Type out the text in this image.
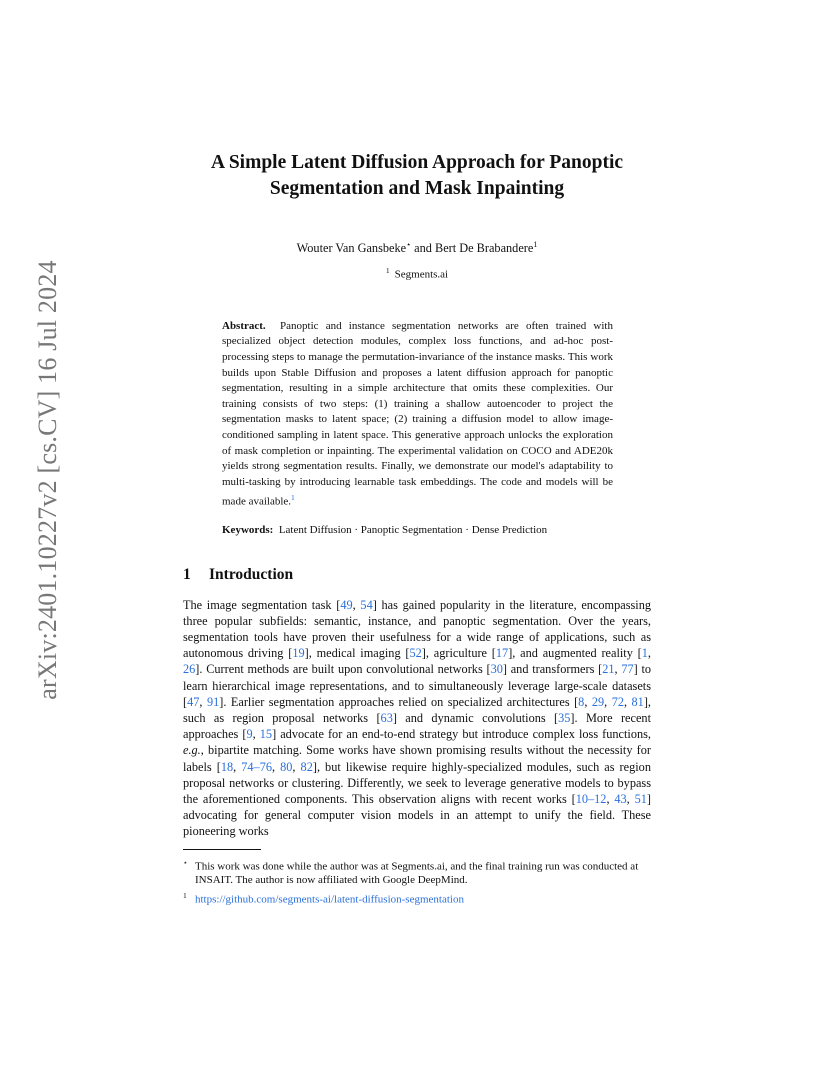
arXiv:2401.10227v2 [cs.CV] 16 Jul 2024
A Simple Latent Diffusion Approach for Panoptic
Segmentation and Mask Inpainting
Wouter Van Gansbeke⋆ and Bert De Brabandere$^1$
$^1$ Segments.ai
Abstract. Panoptic and instance segmentation networks are often trained with specialized object detection modules, complex loss functions, and ad-hoc post-processing steps to manage the permutation-invariance of the instance masks. This work builds upon Stable Diffusion and proposes a latent diffusion approach for panoptic segmentation, resulting in a simple architecture that omits these complexities. Our training consists of two steps: (1) training a shallow autoencoder to project the segmentation masks to latent space; (2) training a diffusion model to allow image-conditioned sampling in latent space. This generative approach unlocks the exploration of mask completion or inpainting. The experimental validation on COCO and ADE20k yields strong segmentation results. Finally, we demonstrate our model's adaptability to multi-tasking by introducing learnable task embeddings. The code and models will be made available.$^1$
Keywords: Latent Diffusion · Panoptic Segmentation · Dense Prediction
1 Introduction
The image segmentation task [49, 54] has gained popularity in the literature, encompassing three popular subfields: semantic, instance, and panoptic segmentation. Over the years, segmentation tools have proven their usefulness for a wide range of applications, such as autonomous driving [19], medical imaging [52], agriculture [17], and augmented reality [1, 26]. Current methods are built upon convolutional networks [30] and transformers [21, 77] to learn hierarchical image representations, and to simultaneously leverage large-scale datasets [47, 91]. Earlier segmentation approaches relied on specialized architectures [8, 29, 72, 81], such as region proposal networks [63] and dynamic convolutions [35]. More recent approaches [9, 15] advocate for an end-to-end strategy but introduce complex loss functions, e.g., bipartite matching. Some works have shown promising results without the necessity for labels [18, 74–76, 80, 82], but likewise require highly-specialized modules, such as region proposal networks or clustering. Differently, we seek to leverage generative models to bypass the aforementioned components. This observation aligns with recent works [10–12, 43, 51] advocating for general computer vision models in an attempt to unify the field. These pioneering works
⋆ This work was done while the author was at Segments.ai, and the final training run was conducted at INSAIT. The author is now affiliated with Google DeepMind.
$^1$ https://github.com/segments-ai/latent-diffusion-segmentation
